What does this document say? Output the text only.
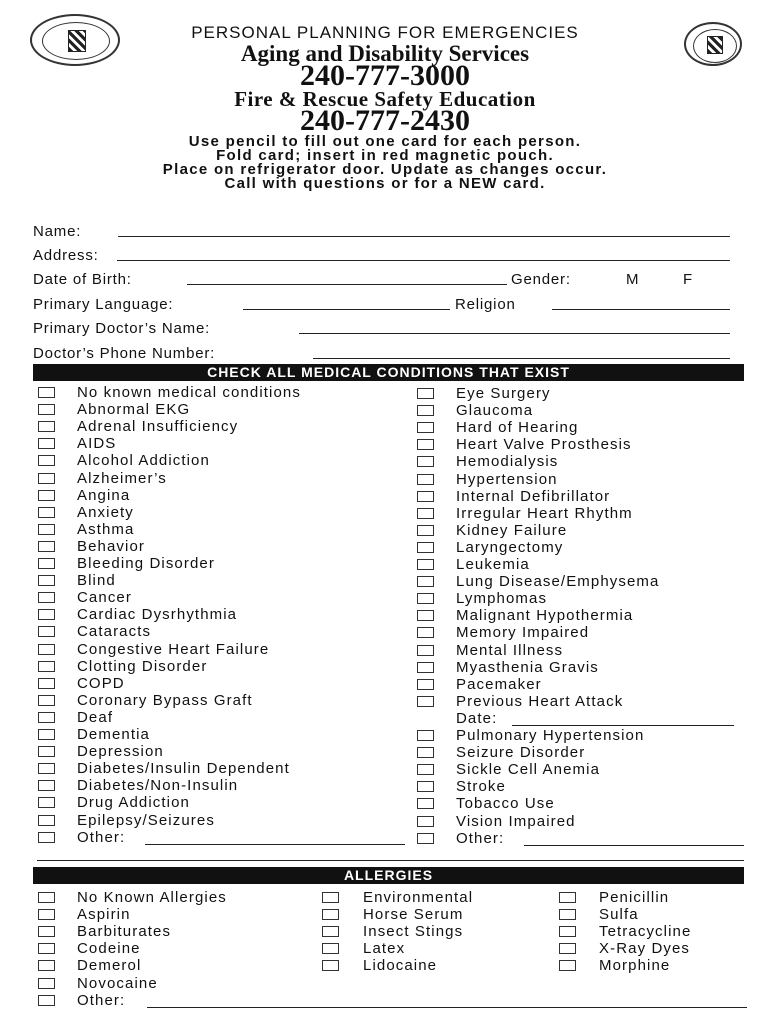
PERSONAL PLANNING FOR EMERGENCIES
Aging and Disability Services
240-777-3000
Fire & Rescue Safety Education
240-777-2430
Use pencil to fill out one card for each person.
Fold card; insert in red magnetic pouch.
Place on refrigerator door. Update as changes occur.
Call with questions or for a NEW card.
Name:
Address:
Date of Birth:	Gender:	M	F
Primary Language:	Religion
Primary Doctor’s Name:
Doctor’s Phone Number:
CHECK ALL MEDICAL CONDITIONS THAT EXIST
No known medical conditions
Abnormal EKG
Adrenal Insufficiency
AIDS
Alcohol Addiction
Alzheimer’s
Angina
Anxiety
Asthma
Behavior
Bleeding Disorder
Blind
Cancer
Cardiac Dysrhythmia
Cataracts
Congestive Heart Failure
Clotting Disorder
COPD
Coronary Bypass Graft
Deaf
Dementia
Depression
Diabetes/Insulin Dependent
Diabetes/Non-Insulin
Drug Addiction
Epilepsy/Seizures
Other:
Eye Surgery
Glaucoma
Hard of Hearing
Heart Valve Prosthesis
Hemodialysis
Hypertension
Internal Defibrillator
Irregular Heart Rhythm
Kidney Failure
Laryngectomy
Leukemia
Lung Disease/Emphysema
Lymphomas
Malignant Hypothermia
Memory Impaired
Mental Illness
Myasthenia Gravis
Pacemaker
Previous Heart Attack
Date:
Pulmonary Hypertension
Seizure Disorder
Sickle Cell Anemia
Stroke
Tobacco Use
Vision Impaired
Other:
ALLERGIES
No Known Allergies
Aspirin
Barbiturates
Codeine
Demerol
Novocaine
Other:
Environmental
Horse Serum
Insect Stings
Latex
Lidocaine
Penicillin
Sulfa
Tetracycline
X-Ray Dyes
Morphine
